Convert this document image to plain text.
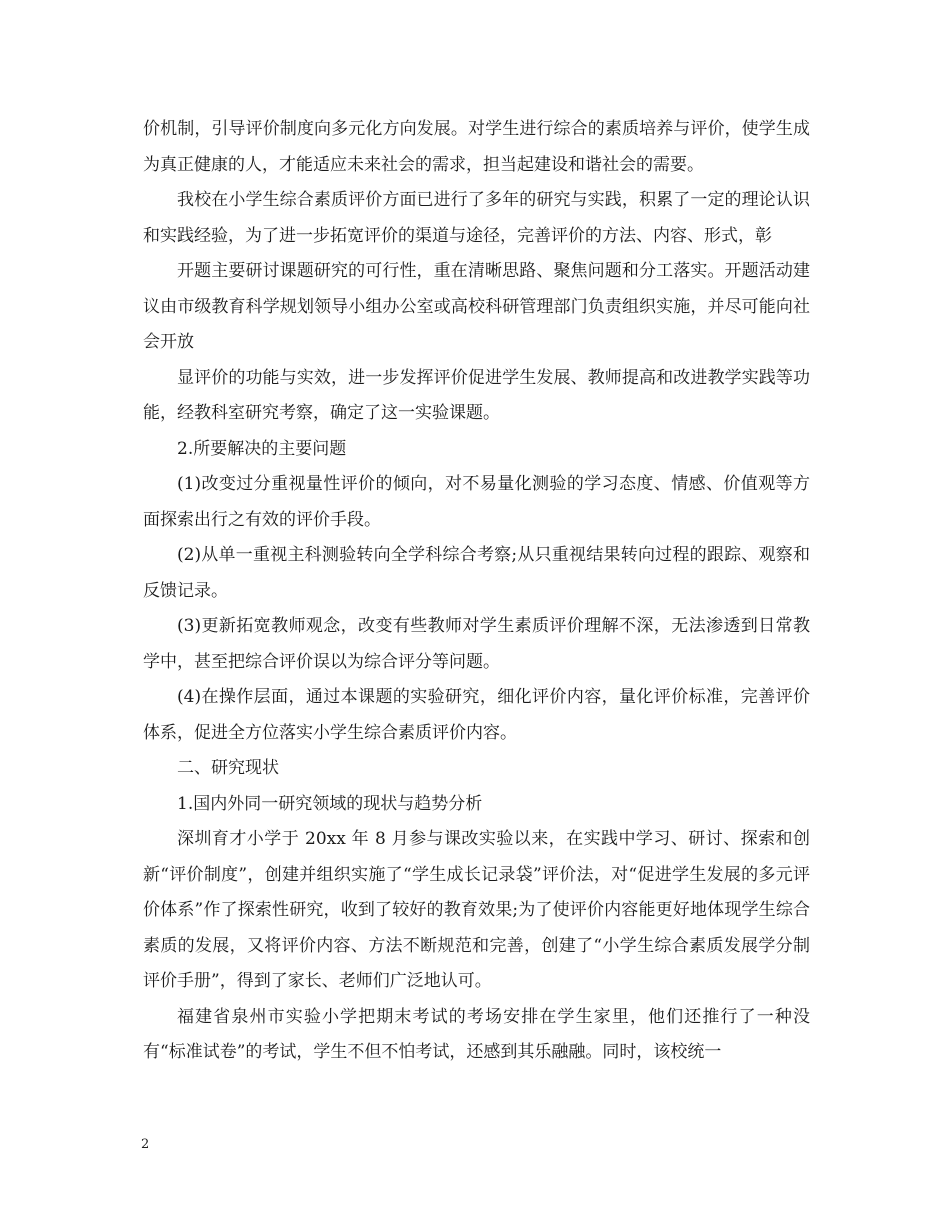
价机制，引导评价制度向多元化方向发展。对学生进行综合的素质培养与评价，使学生成为真正健康的人，才能适应未来社会的需求，担当起建设和谐社会的需要。

我校在小学生综合素质评价方面已进行了多年的研究与实践，积累了一定的理论认识和实践经验，为了进一步拓宽评价的渠道与途径，完善评价的方法、内容、形式，彰

开题主要研讨课题研究的可行性，重在清晰思路、聚焦问题和分工落实。开题活动建议由市级教育科学规划领导小组办公室或高校科研管理部门负责组织实施，并尽可能向社会开放

显评价的功能与实效，进一步发挥评价促进学生发展、教师提高和改进教学实践等功能，经教科室研究考察，确定了这一实验课题。

2.所要解决的主要问题

(1)改变过分重视量性评价的倾向，对不易量化测验的学习态度、情感、价值观等方面探索出行之有效的评价手段。

(2)从单一重视主科测验转向全学科综合考察;从只重视结果转向过程的跟踪、观察和反馈记录。

(3)更新拓宽教师观念，改变有些教师对学生素质评价理解不深，无法渗透到日常教学中，甚至把综合评价误以为综合评分等问题。

(4)在操作层面，通过本课题的实验研究，细化评价内容，量化评价标准，完善评价体系，促进全方位落实小学生综合素质评价内容。

二、研究现状

1.国内外同一研究领域的现状与趋势分析

深圳育才小学于 20xx 年 8 月参与课改实验以来，在实践中学习、研讨、探索和创新“评价制度”，创建并组织实施了“学生成长记录袋”评价法，对“促进学生发展的多元评价体系”作了探索性研究，收到了较好的教育效果;为了使评价内容能更好地体现学生综合素质的发展，又将评价内容、方法不断规范和完善，创建了“小学生综合素质发展学分制评价手册”，得到了家长、老师们广泛地认可。

福建省泉州市实验小学把期末考试的考场安排在学生家里，他们还推行了一种没有“标准试卷”的考试，学生不但不怕考试，还感到其乐融融。同时，该校统一

2
